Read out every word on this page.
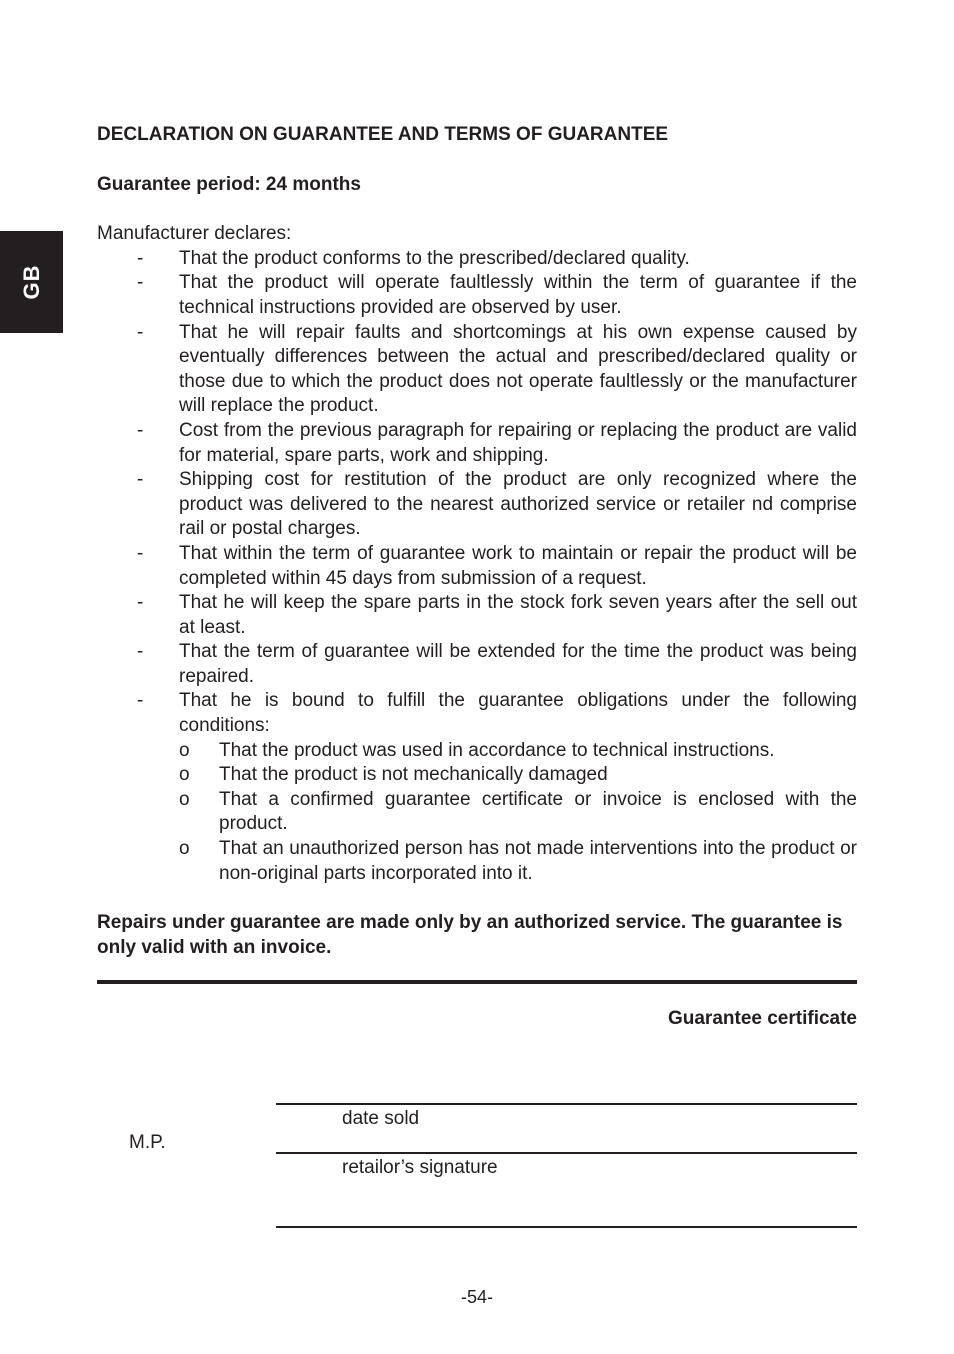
GB

DECLARATION ON GUARANTEE AND TERMS OF GUARANTEE

Guarantee period: 24 months

Manufacturer declares:

- That the product conforms to the prescribed/declared quality.
- That the product will operate faultlessly within the term of guarantee if the technical instructions provided are observed by user.
- That he will repair faults and shortcomings at his own expense caused by eventually differences between the actual and prescribed/declared quality or those due to which the product does not operate faultlessly or the manufacturer will replace the product.
- Cost from the previous paragraph for repairing or replacing the product are valid for material, spare parts, work and shipping.
- Shipping cost for restitution of the product are only recognized where the product was delivered to the nearest authorized service or retailer nd comprise rail or postal charges.
- That within the term of guarantee work to maintain or repair the product will be completed within 45 days from submission of a request.
- That he will keep the spare parts in the stock fork seven years after the sell out at least.
- That the term of guarantee will be extended for the time the product was being repaired.
- That he is bound to fulfill the guarantee obligations under the following conditions:
o That the product was used in accordance to technical instructions.
o That the product is not mechanically damaged
o That a confirmed guarantee certificate or invoice is enclosed with the product.
o That an unauthorized person has not made interventions into the product or non-original parts incorporated into it.

Repairs under guarantee are made only by an authorized service. The guarantee is only valid with an invoice.

Guarantee certificate
date sold
M.P.
retailor’s signature
-54-
